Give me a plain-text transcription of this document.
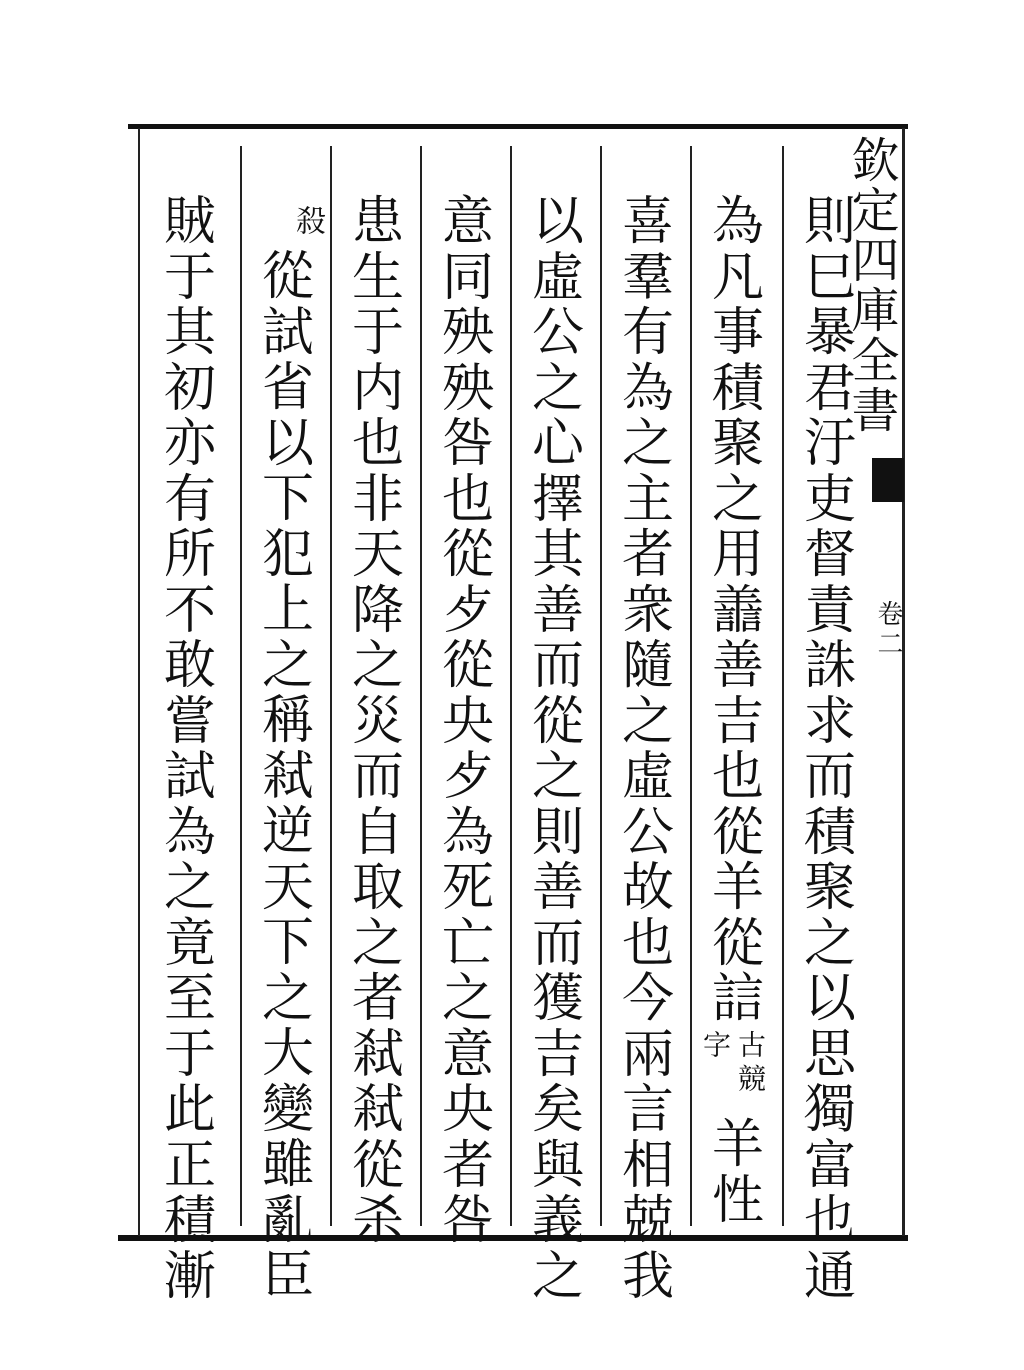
欽定四庫全書
卷二
則
巳
暴
君
汙
吏
督
責
誅
求
而
積
聚
之
以
思
獨
富
也
通
為
凡
事
積
聚
之
用
譱
善
吉
也
從
羊
從
誩
古競
字
羊
性
喜
羣
有
為
之
主
者
衆
隨
之
虛
公
故
也
今
兩
言
相
兢
我
以
虛
公
之
心
擇
其
善
而
從
之
則
善
而
獲
吉
矣
與
義
之
意
同
殃
殃
咎
也
從
歺
從
央
歺
為
死
亡
之
意
央
者
咎
患
生
于
内
也
非
天
降
之
災
而
自
取
之
者
弒
弒
從
杀
殺
從
試
省
以
下
犯
上
之
稱
弒
逆
天
下
之
大
變
雖
亂
臣
賊
于
其
初
亦
有
所
不
敢
嘗
試
為
之
竟
至
于
此
正
積
漸
